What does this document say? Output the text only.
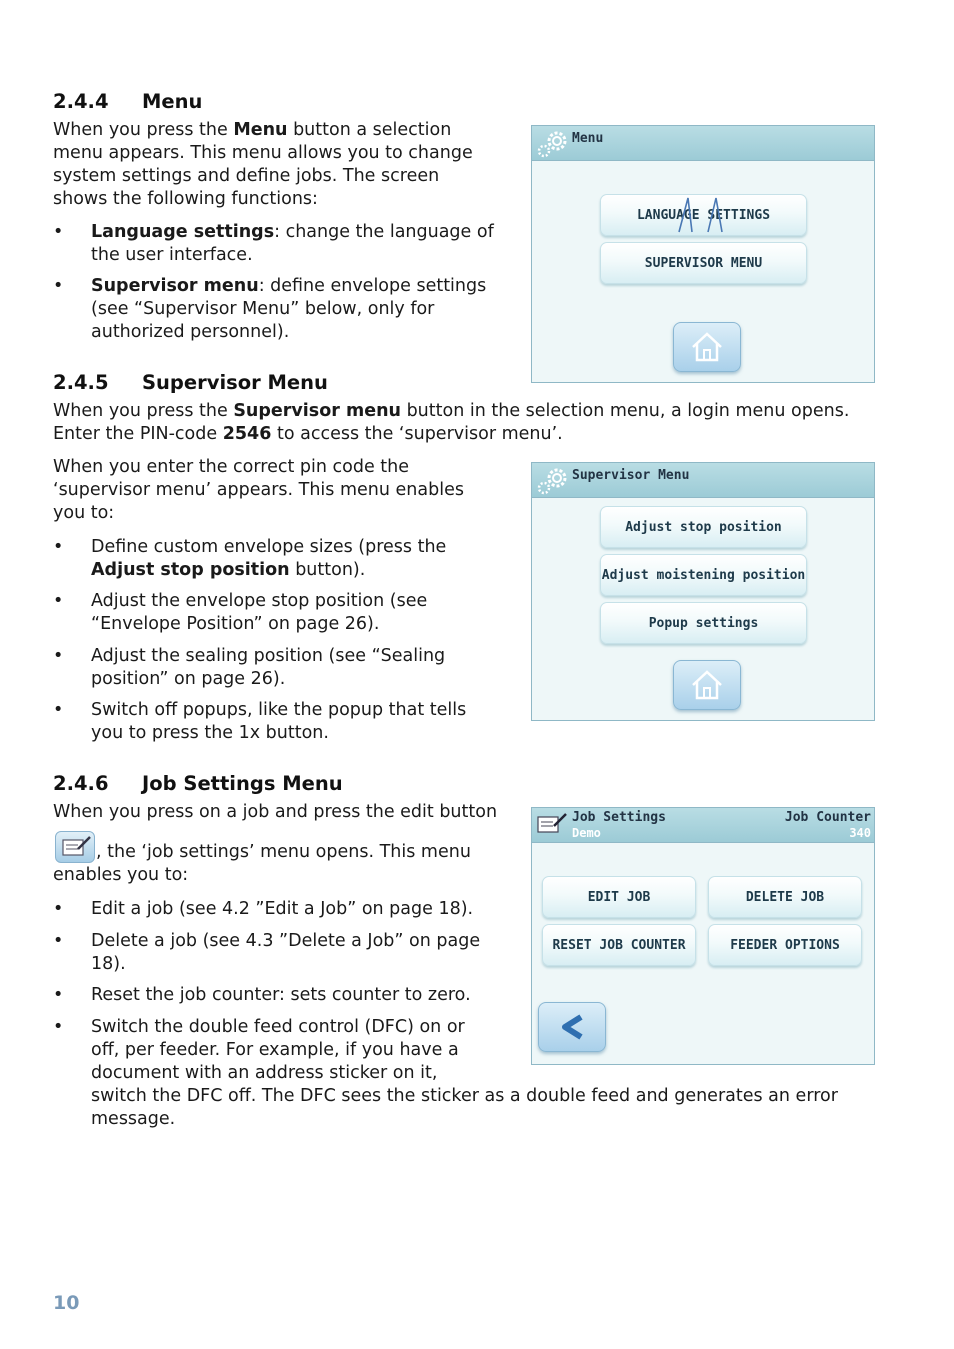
2.4.4 Menu
When you press the Menu button a selection
menu appears. This menu allows you to change
system settings and define jobs. The screen
shows the following functions:
• Language settings: change the language of
the user interface.
• Supervisor menu: define envelope settings
(see “Supervisor Menu” below, only for
authorized personnel).
Menu
LANGUAGE SETTINGS
SUPERVISOR MENU
2.4.5 Supervisor Menu
When you press the Supervisor menu button in the selection menu, a login menu opens.
Enter the PIN-code 2546 to access the ‘supervisor menu’.
When you enter the correct pin code the
‘supervisor menu’ appears. This menu enables
you to:
• Define custom envelope sizes (press the
Adjust stop position button).
• Adjust the envelope stop position (see
“Envelope Position” on page 26).
• Adjust the sealing position (see “Sealing
position” on page 26).
• Switch off popups, like the popup that tells
you to press the 1x button.
Supervisor Menu
Adjust stop position
Adjust moistening position
Popup settings
2.4.6 Job Settings Menu
When you press on a job and press the edit button
, the ‘job settings’ menu opens. This menu
enables you to:
• Edit a job (see 4.2 ”Edit a Job” on page 18).
• Delete a job (see 4.3 ”Delete a Job” on page
18).
• Reset the job counter: sets counter to zero.
• Switch the double feed control (DFC) on or
off, per feeder. For example, if you have a
document with an address sticker on it,
switch the DFC off. The DFC sees the sticker as a double feed and generates an error
message.
Job Settings
Demo
Job Counter
340
EDIT JOB	DELETE JOB
RESET JOB COUNTER	FEEDER OPTIONS
10
